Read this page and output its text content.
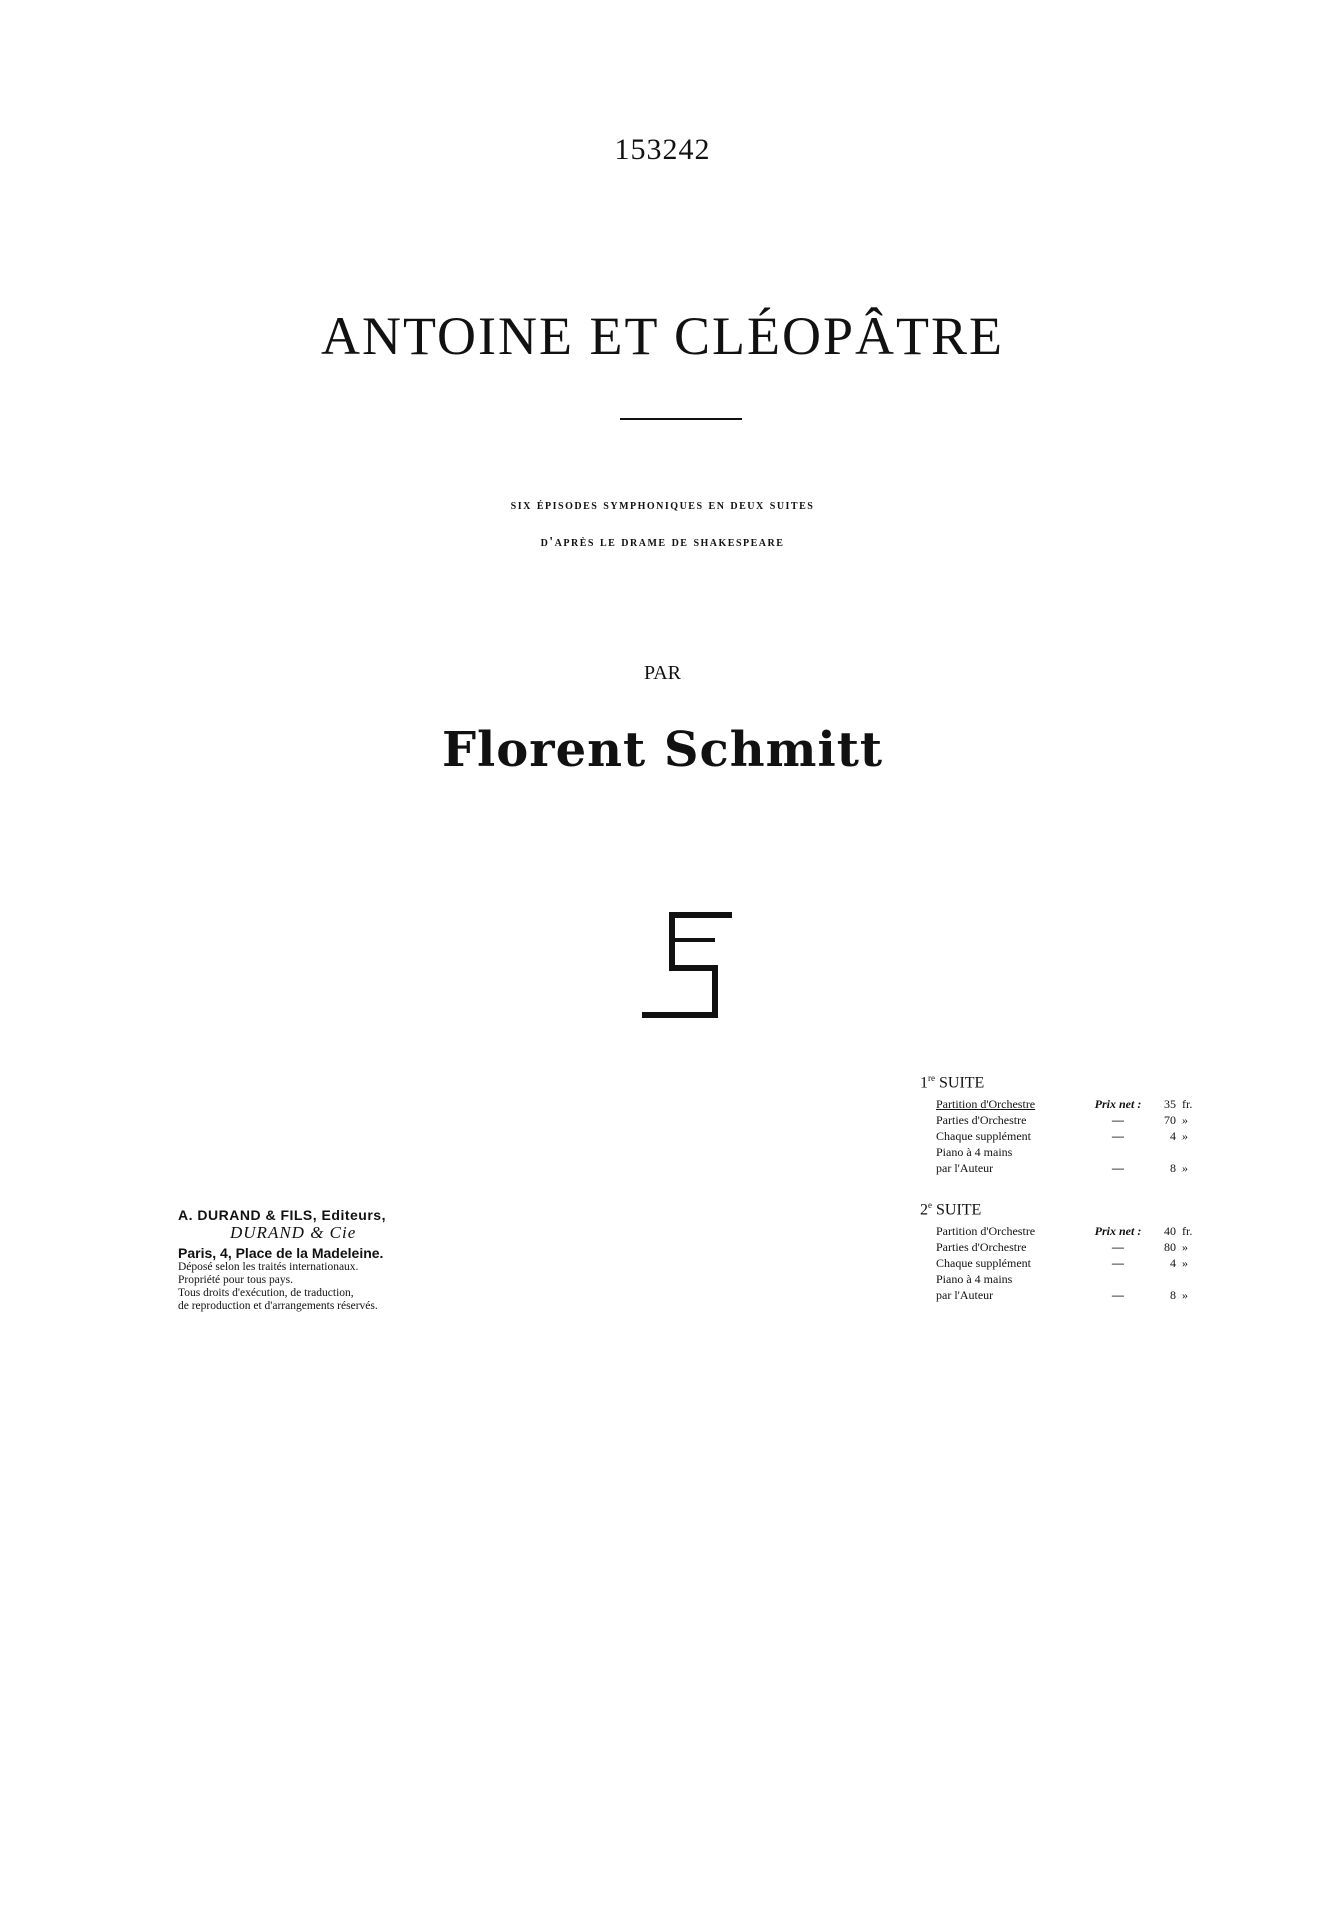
153242
ANTOINE ET CLÉOPÂTRE
six épisodes symphoniques en deux suites
d'après le drame de shakespeare
PAR
Florent Schmitt
A. DURAND & FILS, Editeurs,
DURAND & Cie
Paris, 4, Place de la Madeleine.
Déposé selon les traités internationaux.
Propriété pour tous pays.
Tous droits d'exécution, de traduction,
de reproduction et d'arrangements réservés.
1re SUITE
Partition d'Orchestre	Prix net :	35 fr.
Parties d'Orchestre	—	70 »
Chaque supplément	—	4 »
Piano à 4 mains
par l'Auteur	—	8 »
2e SUITE
Partition d'Orchestre	Prix net :	40 fr.
Parties d'Orchestre	—	80 »
Chaque supplément	—	4 »
Piano à 4 mains
par l'Auteur	—	8 »
